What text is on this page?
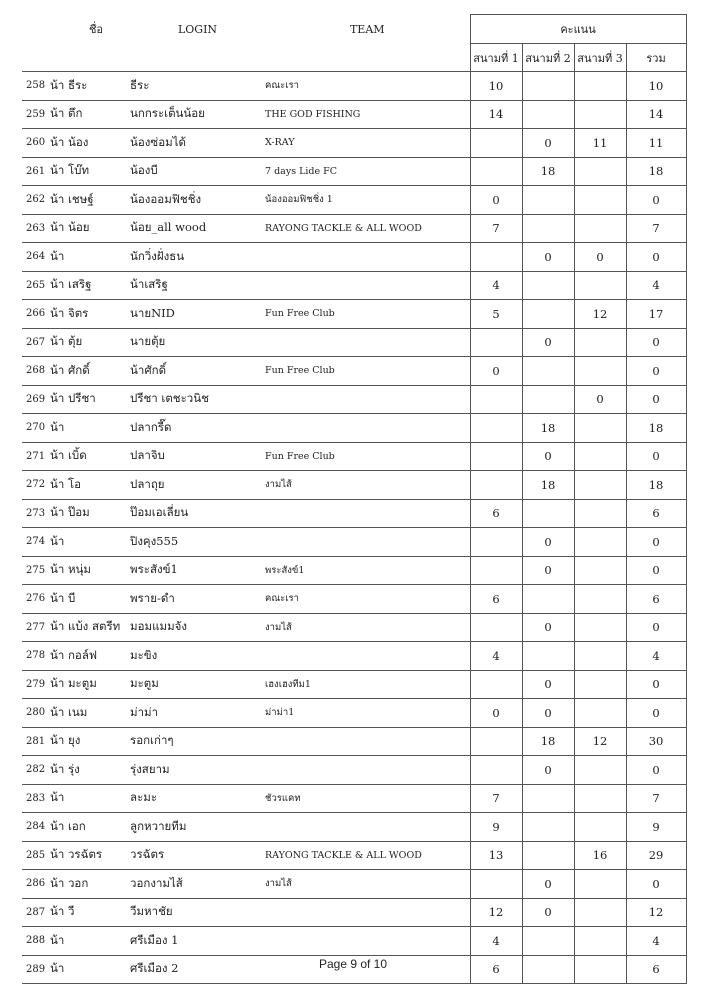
ชื่อ		LOGIN	TEAM	คะแนน			
				สนามที่ 1	สนามที่ 2	สนามที่ 3	รวม
258	น้า ธีระ	ธีระ	คณะเรา	10			10
259	น้า ตึก	นกกระเต็นน้อย	THE GOD FISHING	14			14
260	น้า น้อง	น้องซ่อมได้	X-RAY		0	11	11
261	น้า โบ๊ท	น้องบี	7 days Lide FC		18		18
262	น้า เชษฐ์	น้องออมฟิชชิ่ง	น้องออมฟิชชิ่ง 1	0			0
263	น้า น้อย	น้อย_all wood	RAYONG TACKLE & ALL WOOD	7			7
264	น้า	นักวิ่งฝั่งธน			0	0	0
265	น้า เสริฐ	น้าเสริฐ		4			4
266	น้า จิตร	นายNID	Fun Free Club	5		12	17
267	น้า ตุ้ย	นายตุ้ย			0		0
268	น้า ศักดิ์	น้าศักดิ์	Fun Free Club	0			0
269	น้า ปรีชา	ปรีชา เตชะวนิช				0	0
270	น้า	ปลากรี๊ด			18		18
271	น้า เบิ้ด	ปลาจิบ	Fun Free Club		0		0
272	น้า โอ	ปลาถุย	งามไส้		18		18
273	น้า ป๊อม	ป๊อมเอเลี่ยน		6			6
274	น้า	ปิงคุง555			0		0
275	น้า หนุ่ม	พระสังข์1	พระสังข์1		0		0
276	น้า บี	พราย-ดำ	คณะเรา	6			6
277	น้า แบ้ง สตรีท	มอมแมมจัง	งามไส้		0		0
278	น้า กอล์ฟ	มะขิง		4			4
279	น้า มะตูม	มะตูม	เฮงเฮงทีม1		0		0
280	น้า เนม	ม่าม่า	ม่าม่า1	0	0		0
281	น้า ยุง	รอกเก่าๆ			18	12	30
282	น้า รุ่ง	รุ่งสยาม			0		0
283	น้า	ละมะ	ชัวรแคท	7			7
284	น้า เอก	ลูกหวายทีม		9			9
285	น้า วรฉัตร	วรฉัตร	RAYONG TACKLE & ALL WOOD	13		16	29
286	น้า วอก	วอกงามไส้	งามไส้		0		0
287	น้า วี	วีมหาชัย		12	0		12
288	น้า	ศรีเมือง 1		4			4
289	น้า	ศรีเมือง 2		6			6
Page 9 of 10
